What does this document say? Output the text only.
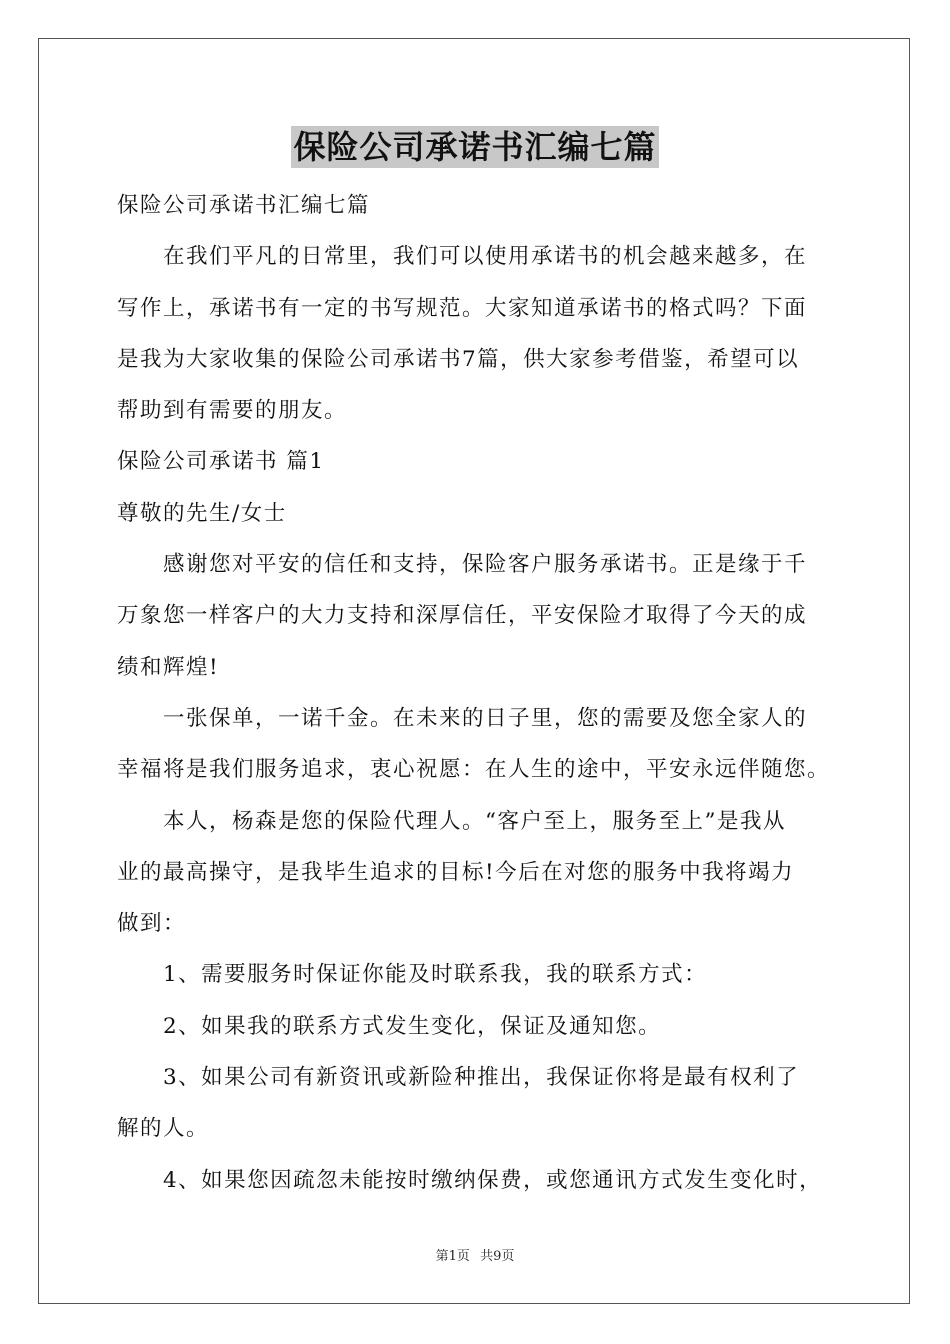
保险公司承诺书汇编七篇

保险公司承诺书汇编七篇

在我们平凡的日常里，我们可以使用承诺书的机会越来越多，在

写作上，承诺书有一定的书写规范。大家知道承诺书的格式吗？下面

是我为大家收集的保险公司承诺书7篇，供大家参考借鉴，希望可以

帮助到有需要的朋友。

保险公司承诺书 篇1

尊敬的先生/女士

感谢您对平安的信任和支持，保险客户服务承诺书。正是缘于千

万象您一样客户的大力支持和深厚信任，平安保险才取得了今天的成

绩和辉煌!

一张保单，一诺千金。在未来的日子里，您的需要及您全家人的

幸福将是我们服务追求，衷心祝愿：在人生的途中，平安永远伴随您。

本人，杨森是您的保险代理人。“客户至上，服务至上”是我从

业的最高操守，是我毕生追求的目标!今后在对您的服务中我将竭力

做到：

1、需要服务时保证你能及时联系我，我的联系方式：

2、如果我的联系方式发生变化，保证及通知您。

3、如果公司有新资讯或新险种推出，我保证你将是最有权利了

解的人。

4、如果您因疏忽未能按时缴纳保费，或您通讯方式发生变化时，

第1页 共9页
